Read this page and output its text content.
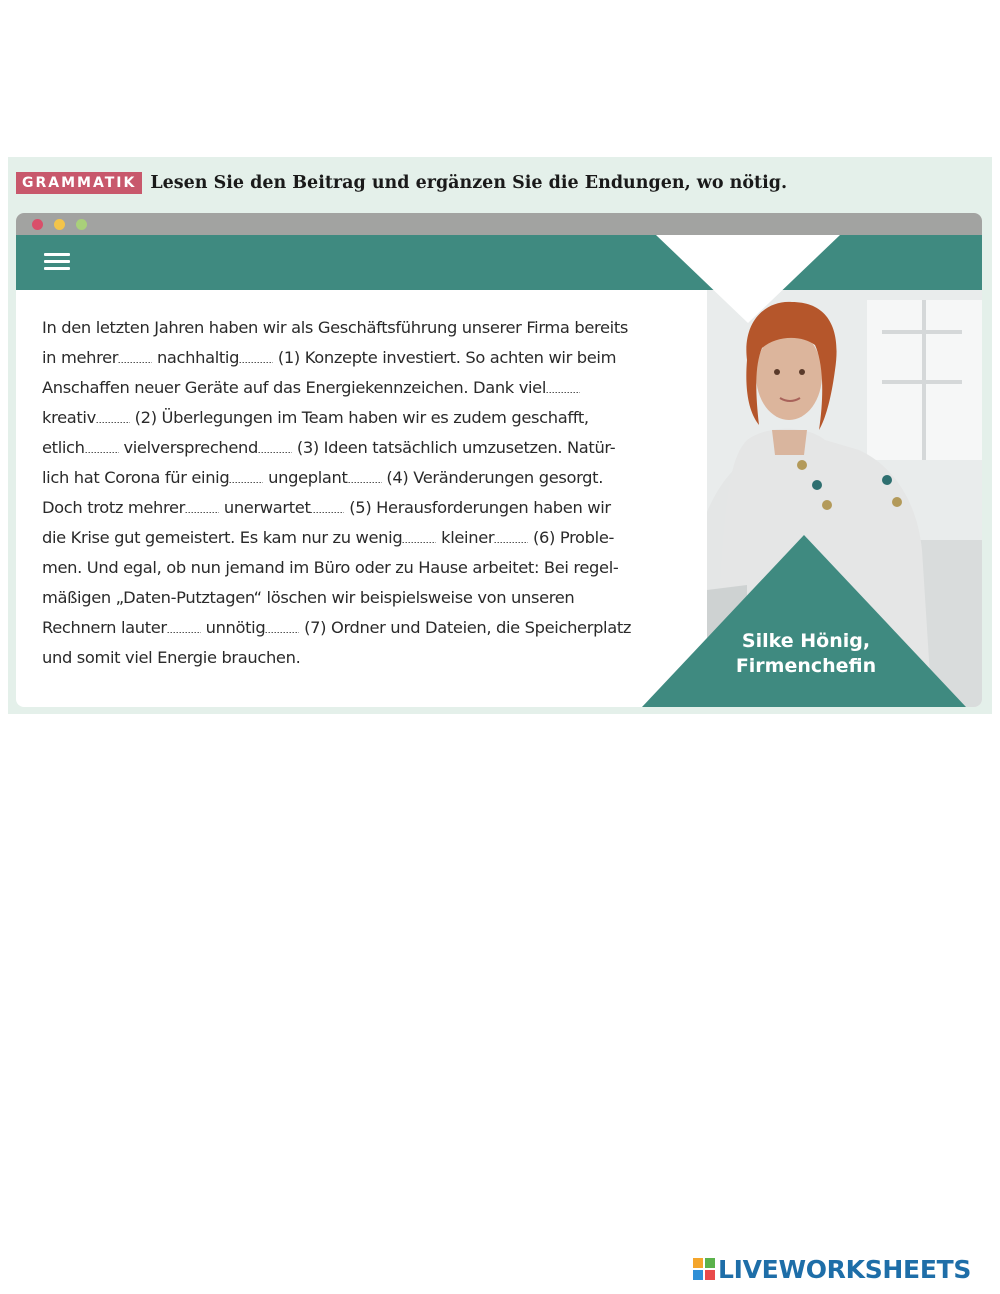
GRAMMATIK Lesen Sie den Beitrag und ergänzen Sie die Endungen, wo nötig.
Silke Hönig,
Firmenchefin
In den letzten Jahren haben wir als Geschäftsführung unserer Firma bereits
in mehrer nachhaltig (1) Konzepte investiert. So achten wir beim
Anschaffen neuer Geräte auf das Energiekennzeichen. Dank viel
kreativ (2) Überlegungen im Team haben wir es zudem geschafft,
etlich vielversprechend (3) Ideen tatsächlich umzusetzen. Natür-
lich hat Corona für einig ungeplant (4) Veränderungen gesorgt.
Doch trotz mehrer unerwartet (5) Herausforderungen haben wir
die Krise gut gemeistert. Es kam nur zu wenig kleiner (6) Proble-
men. Und egal, ob nun jemand im Büro oder zu Hause arbeitet: Bei regel-
mäßigen „Daten-Putztagen“ löschen wir beispielsweise von unseren
Rechnern lauter unnötig (7) Ordner und Dateien, die Speicherplatz
und somit viel Energie brauchen.
LIVEWORKSHEETS
